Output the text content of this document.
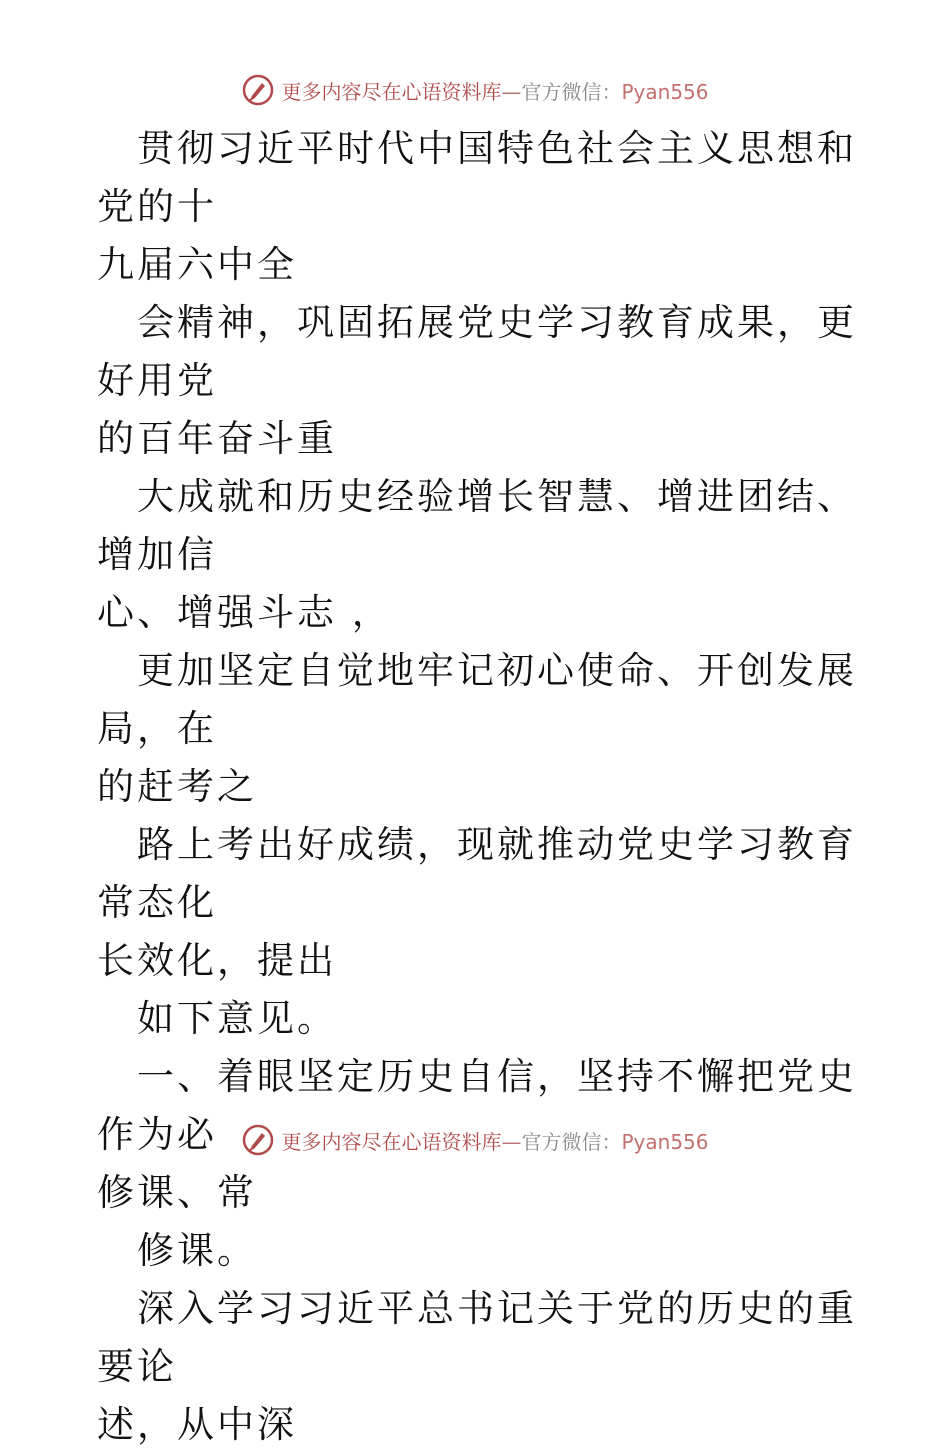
更多内容尽在心语资料库—官方微信：Pyan556

贯彻习近平时代中国特色社会主义思想和党的十
九届六中全

会精神，巩固拓展党史学习教育成果，更好用党
的百年奋斗重

大成就和历史经验增长智慧、增进团结、增加信
心、增强斗志 ，

更加坚定自觉地牢记初心使命、开创发展局，在
的赶考之

路上考出好成绩，现就推动党史学习教育常态化
长效化，提出

如下意见。

一、着眼坚定历史自信，坚持不懈把党史作为必
修课、常

修课。

深入学习习近平总书记关于党的历史的重要论
述，从中深

更多内容尽在心语资料库—官方微信：Pyan556
